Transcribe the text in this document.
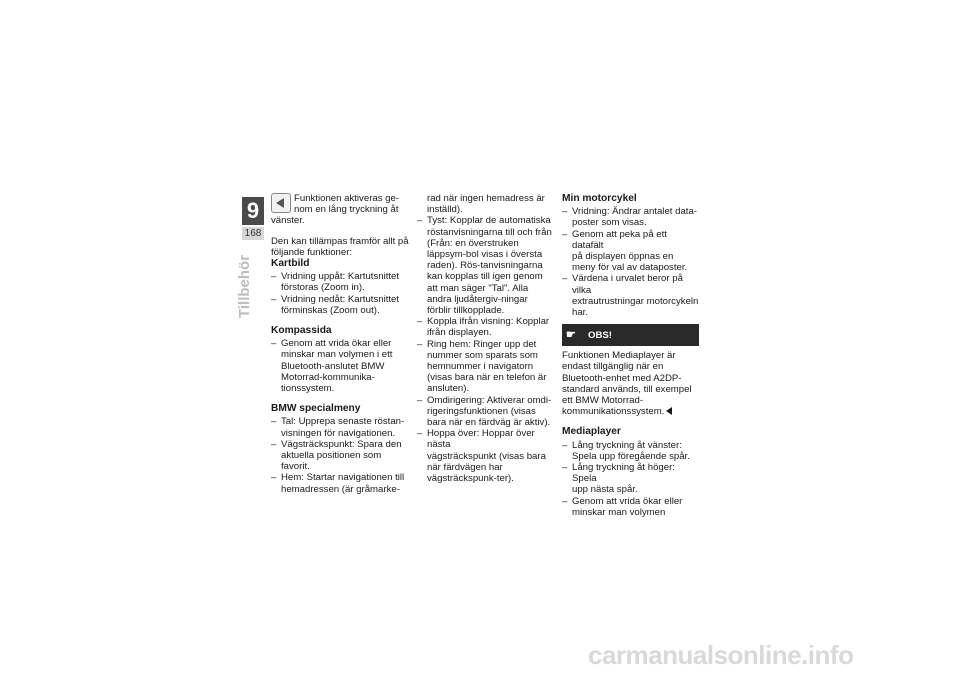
9
168
Tillbehör

Funktionen aktiveras ge-

nom en lång tryckning åt

vänster.

Den kan tillämpas framför allt på följande funktioner:

Kartbild

– Vridning uppåt: Kartutsnittet

förstoras (Zoom in).

– Vridning nedåt: Kartutsnittet

förminskas (Zoom out).

Kompassida

– Genom att vrida ökar eller

minskar man volymen i ett Bluetooth-anslutet BMW Motorrad-kommunika-tionssystem.

BMW specialmeny

– Tal: Upprepa senaste röstan-

visningen för navigationen.

– Vägsträckspunkt: Spara den

aktuella positionen som favorit.

– Hem: Startar navigationen till

hemadressen (är gråmarke-

rad när ingen hemadress är inställd).

– Tyst: Kopplar de automatiska

röstanvisningarna till och från (Från: en överstruken läppsym-bol visas i översta raden). Rös-tanvisningarna kan kopplas till igen genom att man säger "Tal". Alla andra ljudåtergiv-ningar förblir tillkopplade.

– Koppla ifrån visning: Kopplar

ifrån displayen.

– Ring hem: Ringer upp det

nummer som sparats som hemnummer i navigatorn (visas bara när en telefon är ansluten).

– Omdirigering: Aktiverar omdi-

rigeringsfunktionen (visas bara när en färdväg är aktiv).

– Hoppa över: Hoppar över nästa

vägsträckspunkt (visas bara när färdvägen har vägsträckspunk-ter).

Min motorcykel

– Vridning: Ändrar antalet data-

poster som visas.

– Genom att peka på ett datafält

på displayen öppnas en meny för val av dataposter.

– Värdena i urvalet beror på vilka

extrautrustningar motorcykeln har.

☛	OBS!

Funktionen Mediaplayer är endast tillgänglig när en Bluetooth-enhet med A2DP-standard används, till exempel ett BMW Motorrad-kommunikationssystem.

Mediaplayer

– Lång tryckning åt vänster:

Spela upp föregående spår.

– Lång tryckning åt höger: Spela

upp nästa spår.

– Genom att vrida ökar eller

minskar man volymen

carmanualsonline.info
